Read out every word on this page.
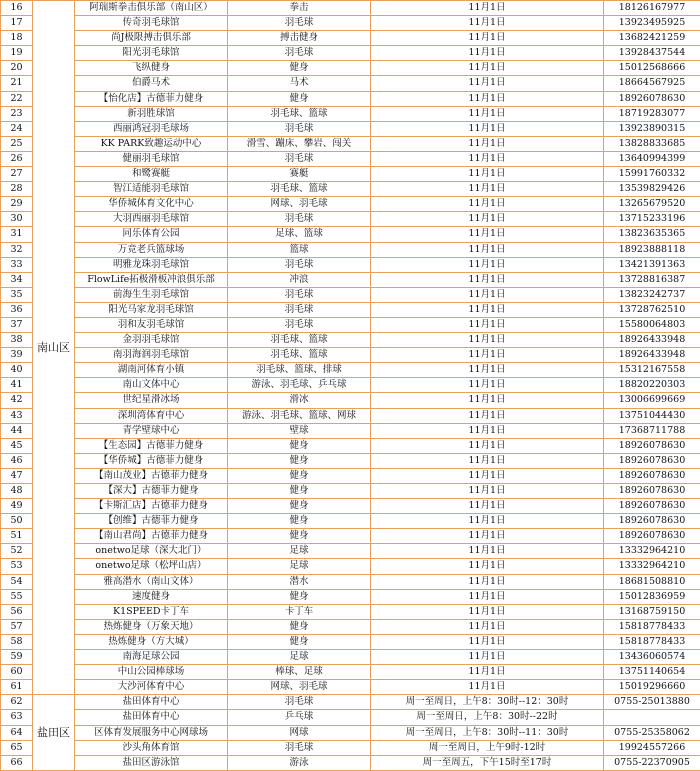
16	南山区	阿瑞斯拳击俱乐部（南山区）	拳击	11月1日	18126167977
17		传奇羽毛球馆	羽毛球	11月1日	13923495925
18		尚J极限搏击俱乐部	搏击健身	11月1日	13682421259
19		阳光羽毛球馆	羽毛球	11月1日	13928437544
20		飞纵健身	健身	11月1日	15012568666
21		伯爵马术	马术	11月1日	18664567925
22		【怡化店】古德菲力健身	健身	11月1日	18926078630
23		新羽胜球馆	羽毛球、篮球	11月1日	18719283077
24		西丽鸿冠羽毛球场	羽毛球	11月1日	13923890315
25		KK PARK致趣运动中心	滑雪、蹦床、攀岩、闯关	11月1日	13828833685
26		健丽羽毛球馆	羽毛球	11月1日	13640994399
27		和鹭赛艇	赛艇	11月1日	15991760332
28		智江适能羽毛球馆	羽毛球、篮球	11月1日	13539829426
29		华侨城体育文化中心	网球、羽毛球	11月1日	13265679520
30		大羽西丽羽毛球馆	羽毛球	11月1日	13715233196
31		同乐体育公园	足球、篮球	11月1日	13823635365
32		万竞老兵篮球场	篮球	11月1日	18923888118
33		明雅龙珠羽毛球馆	羽毛球	11月1日	13421391363
34		FlowLife拓极滑板冲浪俱乐部	冲浪	11月1日	13728816387
35		前海生生羽毛球馆	羽毛球	11月1日	13823242737
36		阳光马家龙羽毛球馆	羽毛球	11月1日	13728762510
37		羽和友羽毛球馆	羽毛球	11月1日	15580064803
38		金羽羽毛球馆	羽毛球、篮球	11月1日	18926433948
39		南羽海润羽毛球馆	羽毛球、篮球	11月1日	18926433948
40		湖南河体育小镇	羽毛球、篮球、排球	11月1日	15312167558
41		南山文体中心	游泳、羽毛球、乒乓球	11月1日	18820220303
42		世纪星滑冰场	滑冰	11月1日	13006699669
43		深圳湾体育中心	游泳、羽毛球、篮球、网球	11月1日	13751044430
44		青学壁球中心	壁球	11月1日	17368711788
45		【生态园】古德菲力健身	健身	11月1日	18926078630
46		【华侨城】古德菲力健身	健身	11月1日	18926078630
47		【南山茂业】古德菲力健身	健身	11月1日	18926078630
48		【深大】古德菲力健身	健身	11月1日	18926078630
49		【卡斯汇店】古德菲力健身	健身	11月1日	18926078630
50		【创维】古德菲力健身	健身	11月1日	18926078630
51		【南山君尚】古德菲力健身	健身	11月1日	18926078630
52		onetwo足球（深大北门）	足球	11月1日	13332964210
53		onetwo足球（松坪山店）	足球	11月1日	13332964210
54		雅高潜水（南山文体）	潜水	11月1日	18681508810
55		速度健身	健身	11月1日	15012836959
56		K1SPEED卡丁车	卡丁车	11月1日	13168759150
57		热炼健身（万象天地）	健身	11月1日	15818778433
58		热炼健身（方大城）	健身	11月1日	15818778433
59		南海足球公园	足球	11月1日	13436060574
60		中山公园棒球场	棒球、足球	11月1日	13751140654
61		大沙河体育中心	网球、羽毛球	11月1日	15019296660
62	盐田区	盐田体育中心	羽毛球	周一至周日，上午8：30时--12：30时	0755-25013880
63		盐田体育中心	乒乓球	周一至周日，上午8：30时--22时	
64		区体育发展服务中心网球场	网球	周一至周日，上午8：30时--11：30时	0755-25358062
65		沙头角体育馆	羽毛球	周一至周日，上午9时-12时	19924557266
66		盐田区游泳馆	游泳	周一至周五，下午15时至17时	0755-22370905
